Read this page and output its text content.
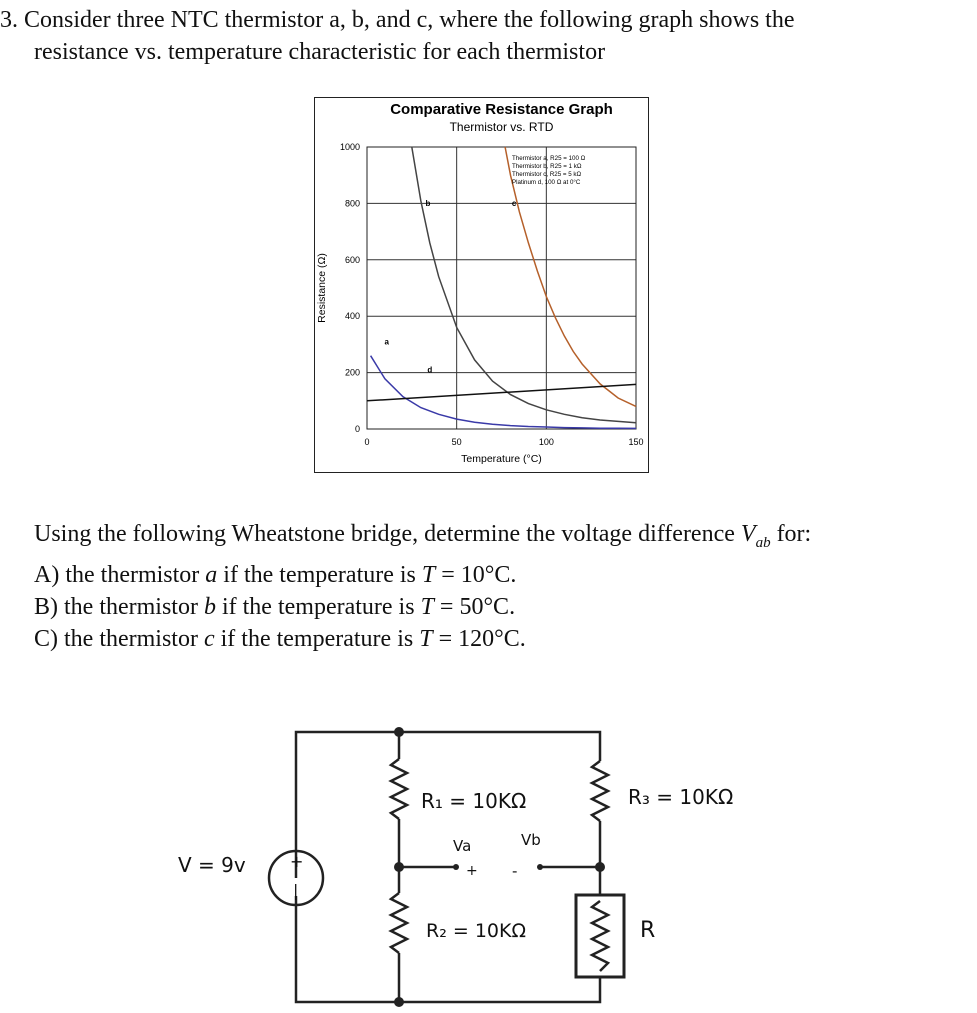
3. Consider three NTC thermistor a, b, and c, where the following graph shows the
resistance vs. temperature characteristic for each thermistor
Comparative Resistance Graph
Thermistor vs. RTD
0	50	100	150
0
200
400
600
800
1000
Temperature (°C)
Resistance (Ω)
a
b	c
d
Thermistor a, R25 = 100 Ω
Thermistor b, R25 = 1 kΩ
Thermistor c, R25 = 5 kΩ
Platinum d, 100 Ω at 0°C
Using the following Wheatstone bridge, determine the voltage difference $V_{ab}$ for:
A) the thermistor a if the temperature is T = 10°C.
B) the thermistor b if the temperature is T = 50°C.
C) the thermistor c if the temperature is T = 120°C.
+
|
V = 9v
R₁ = 10KΩ
R₂ = 10KΩ
R₃ = 10KΩ
R
Va	Vb
+ -
